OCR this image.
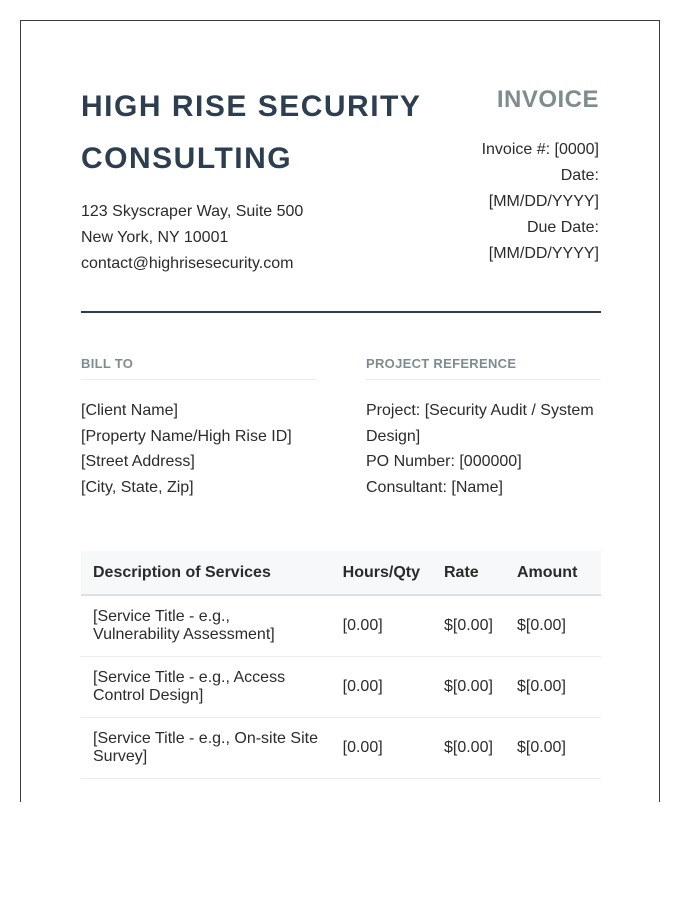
HIGH RISE SECURITY CONSULTING
123 Skyscraper Way, Suite 500
New York, NY 10001
contact@highrisesecurity.com
INVOICE
Invoice #: [0000]
Date:
[MM/DD/YYYY]
Due Date:
[MM/DD/YYYY]
BILL TO
[Client Name]
[Property Name/High Rise ID]
[Street Address]
[City, State, Zip]
PROJECT REFERENCE
Project: [Security Audit / System Design]
PO Number: [000000]
Consultant: [Name]
Description of Services	Hours/Qty	Rate	Amount
[Service Title - e.g., Vulnerability Assessment]	[0.00]	$[0.00]	$[0.00]
[Service Title - e.g., Access Control Design]	[0.00]	$[0.00]	$[0.00]
[Service Title - e.g., On-site Site Survey]	[0.00]	$[0.00]	$[0.00]
